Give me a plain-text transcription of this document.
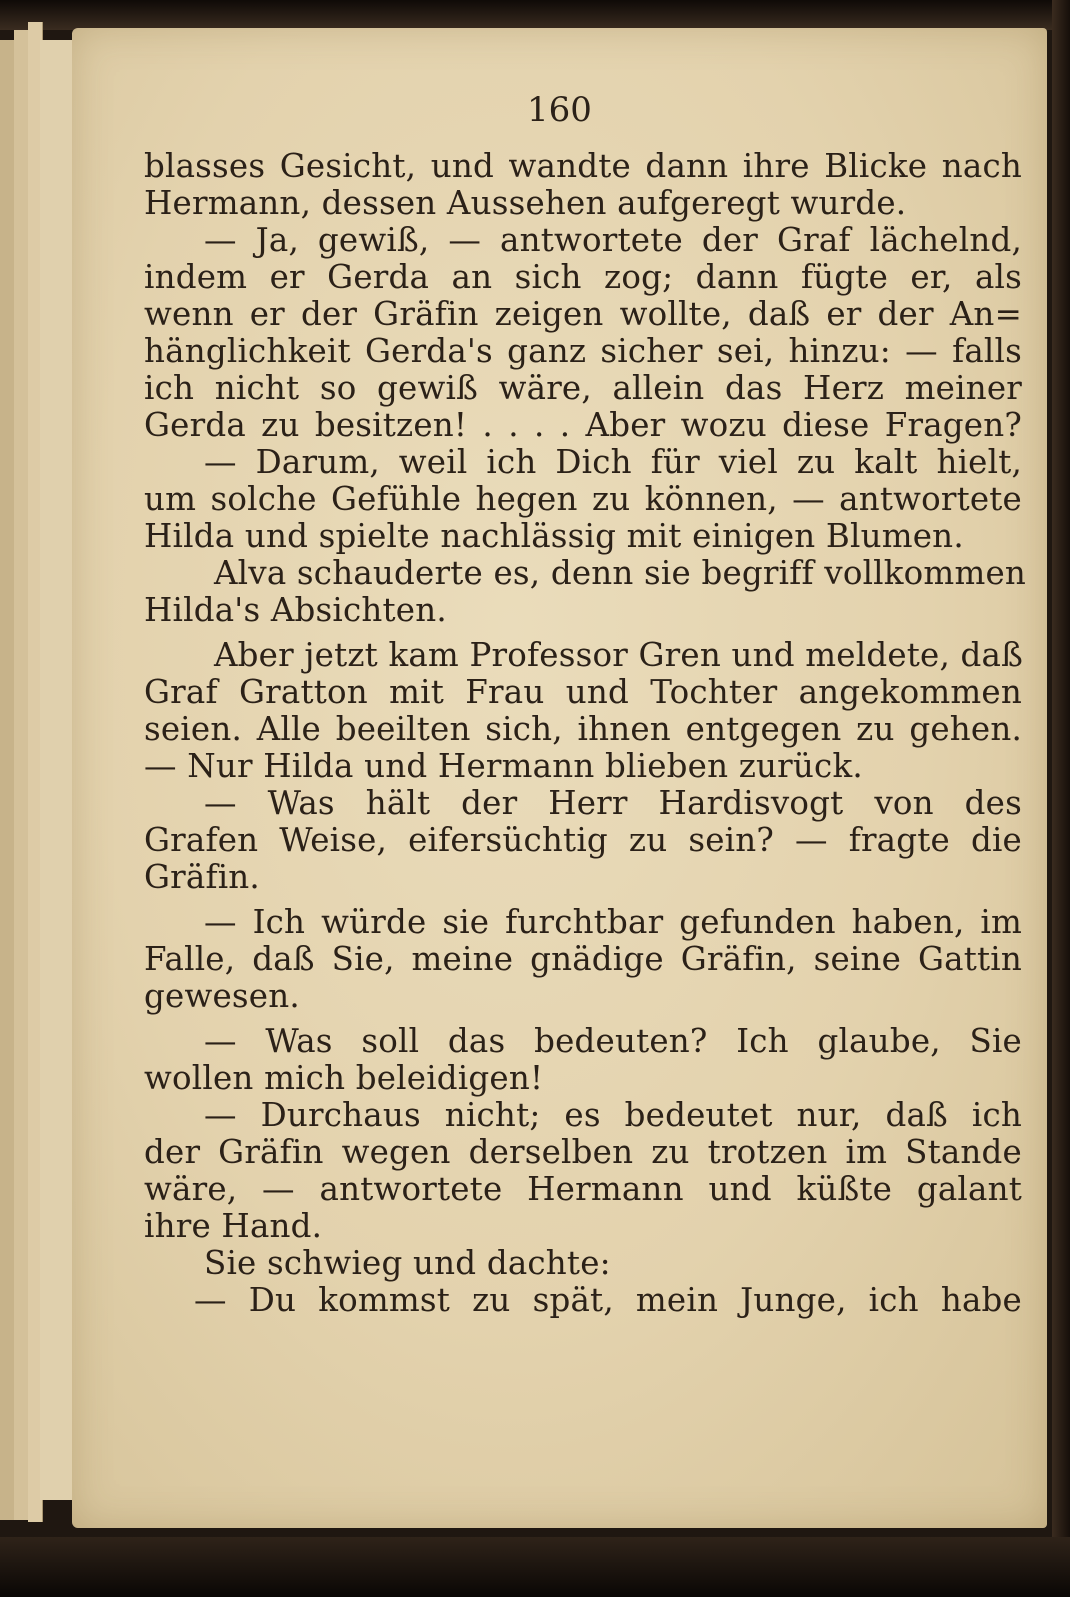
160
blasses Gesicht, und wandte dann ihre Blicke nach
Hermann, dessen Aussehen aufgeregt wurde.
— Ja, gewiß, — antwortete der Graf lächelnd,
indem er Gerda an sich zog; dann fügte er, als
wenn er der Gräfin zeigen wollte, daß er der An=
hänglichkeit Gerda's ganz sicher sei, hinzu: — falls
ich nicht so gewiß wäre, allein das Herz meiner
Gerda zu besitzen! . . . . Aber wozu diese Fragen?
— Darum, weil ich Dich für viel zu kalt hielt,
um solche Gefühle hegen zu können, — antwortete
Hilda und spielte nachlässig mit einigen Blumen.
Alva schauderte es, denn sie begriff vollkommen
Hilda's Absichten.
Aber jetzt kam Professor Gren und meldete, daß
Graf Gratton mit Frau und Tochter angekommen
seien. Alle beeilten sich, ihnen entgegen zu gehen.
— Nur Hilda und Hermann blieben zurück.
— Was hält der Herr Hardisvogt von des
Grafen Weise, eifersüchtig zu sein? — fragte die
Gräfin.
— Ich würde sie furchtbar gefunden haben, im
Falle, daß Sie, meine gnädige Gräfin, seine Gattin
gewesen.
— Was soll das bedeuten? Ich glaube, Sie
wollen mich beleidigen!
— Durchaus nicht; es bedeutet nur, daß ich
der Gräfin wegen derselben zu trotzen im Stande
wäre, — antwortete Hermann und küßte galant
ihre Hand.
Sie schwieg und dachte:
— Du kommst zu spät, mein Junge, ich habe
